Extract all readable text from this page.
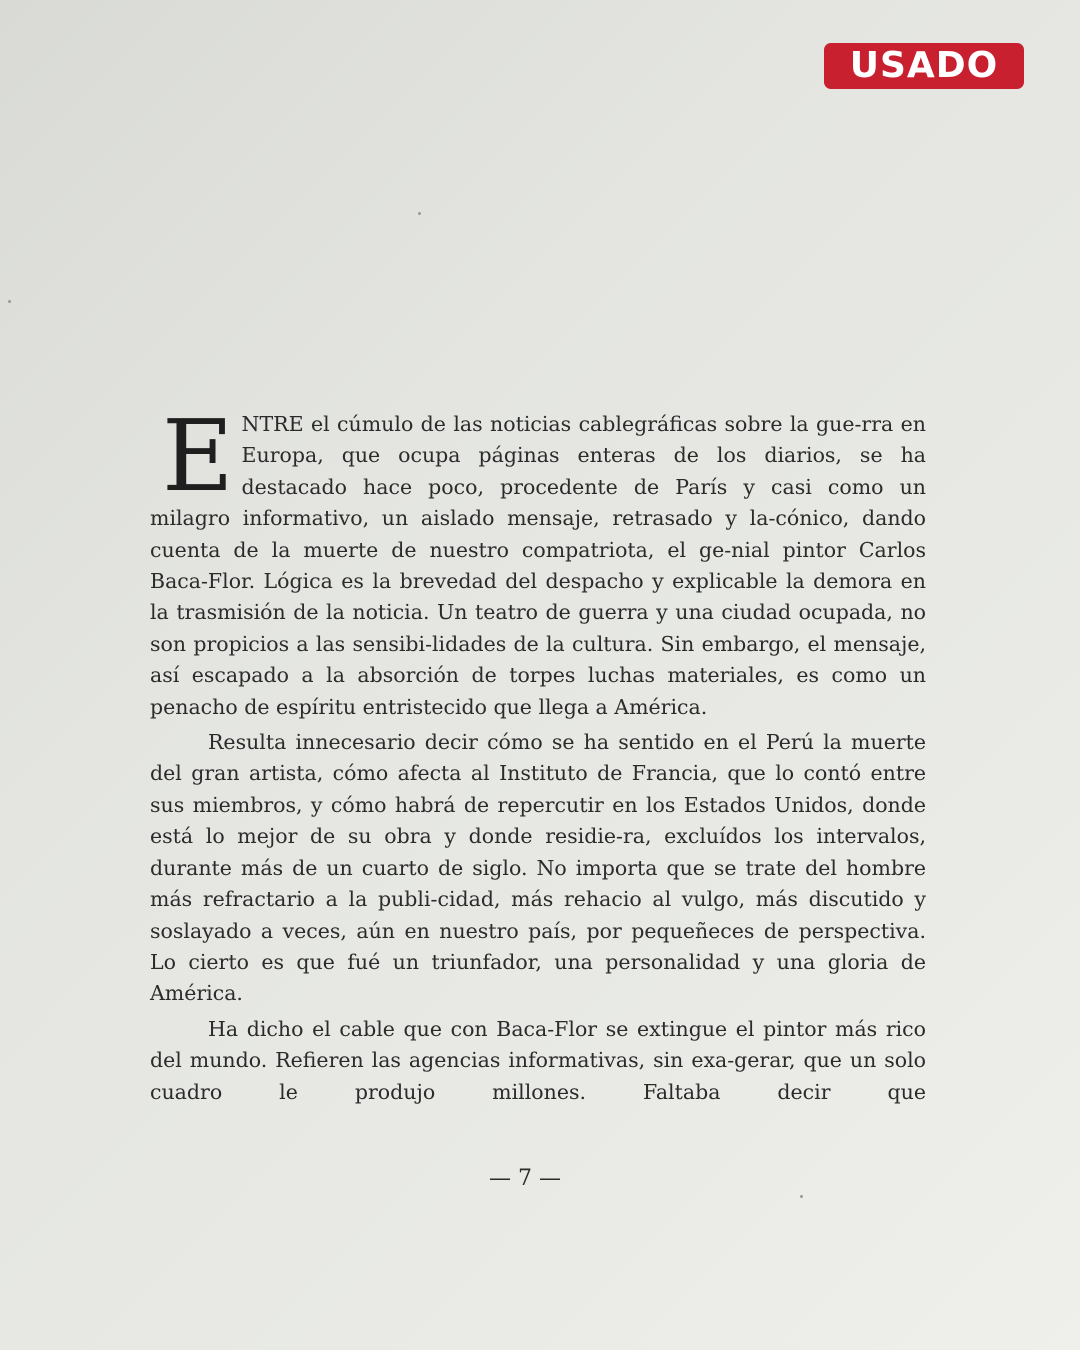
USADO

ENTRE el cúmulo de las noticias cablegráficas sobre la gue-rra en Europa, que ocupa páginas enteras de los diarios, se ha destacado hace poco, procedente de París y casi como un milagro informativo, un aislado mensaje, retrasado y la-cónico, dando cuenta de la muerte de nuestro compatriota, el ge-nial pintor Carlos Baca-Flor. Lógica es la brevedad del despacho y explicable la demora en la trasmisión de la noticia. Un teatro de guerra y una ciudad ocupada, no son propicios a las sensibi-lidades de la cultura. Sin embargo, el mensaje, así escapado a la absorción de torpes luchas materiales, es como un penacho de espíritu entristecido que llega a América.

Resulta innecesario decir cómo se ha sentido en el Perú la muerte del gran artista, cómo afecta al Instituto de Francia, que lo contó entre sus miembros, y cómo habrá de repercutir en los Estados Unidos, donde está lo mejor de su obra y donde residie-ra, excluídos los intervalos, durante más de un cuarto de siglo. No importa que se trate del hombre más refractario a la publi-cidad, más rehacio al vulgo, más discutido y soslayado a veces, aún en nuestro país, por pequeñeces de perspectiva. Lo cierto es que fué un triunfador, una personalidad y una gloria de América.

Ha dicho el cable que con Baca-Flor se extingue el pintor más rico del mundo. Refieren las agencias informativas, sin exa-gerar, que un solo cuadro le produjo millones. Faltaba decir que

— 7 —
